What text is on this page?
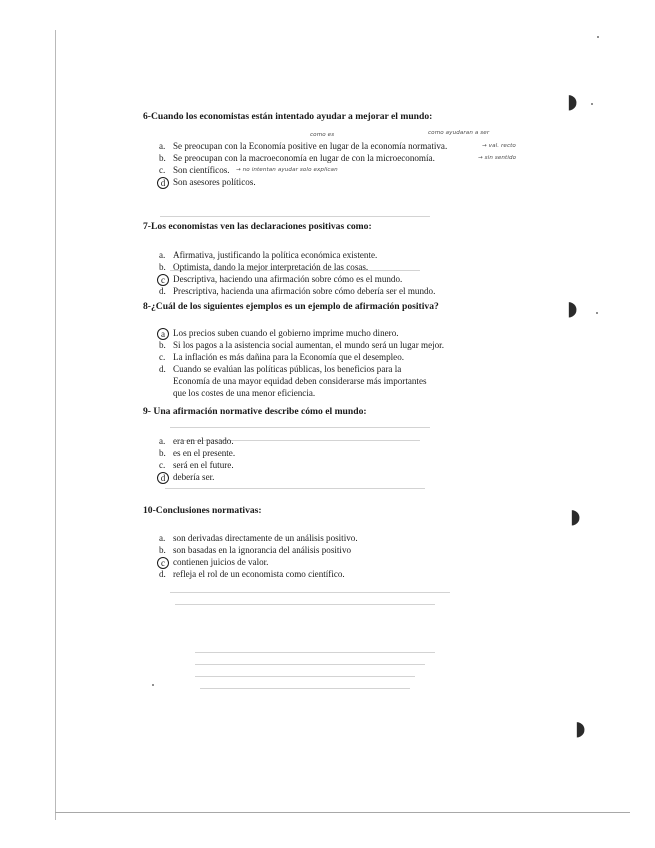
◗
◗
◗
◗
6-Cuando los economistas están intentado ayudar a mejorar el mundo:
a. Se preocupan con la Economía positive en lugar de la economía normativa.
b. Se preocupan con la macroeconomía en lugar de con la microeconomía.
c. Son científicos.
d Son asesores políticos.
como es	como ayudaran a ser
→ val. recto
→ sin sentido
→ no intentan ayudar solo explican
7-Los economistas ven las declaraciones positivas como:
a. Afirmativa, justificando la política económica existente.
b. Optimista, dando la mejor interpretación de las cosas.
c Descriptiva, haciendo una afirmación sobre cómo es el mundo.
d. Prescriptiva, hacienda una afirmación sobre cómo debería ser el mundo.
8-¿Cuál de los siguientes ejemplos es un ejemplo de afirmación positiva?
a Los precios suben cuando el gobierno imprime mucho dinero.
b. Si los pagos a la asistencia social aumentan, el mundo será un lugar mejor.
c. La inflación es más dañina para la Economía que el desempleo.
d. Cuando se evalúan las políticas públicas, los beneficios para la Economía de una mayor equidad deben considerarse más importantes que los costes de una menor eficiencia.
9- Una afirmación normative describe cómo el mundo:
a. era en el pasado.
b. es en el presente.
c. será en el future.
d debería ser.
10-Conclusiones normativas:
a. son derivadas directamente de un análisis positivo.
b. son basadas en la ignorancia del análisis positivo
c contienen juicios de valor.
d. refleja el rol de un economista como científico.
